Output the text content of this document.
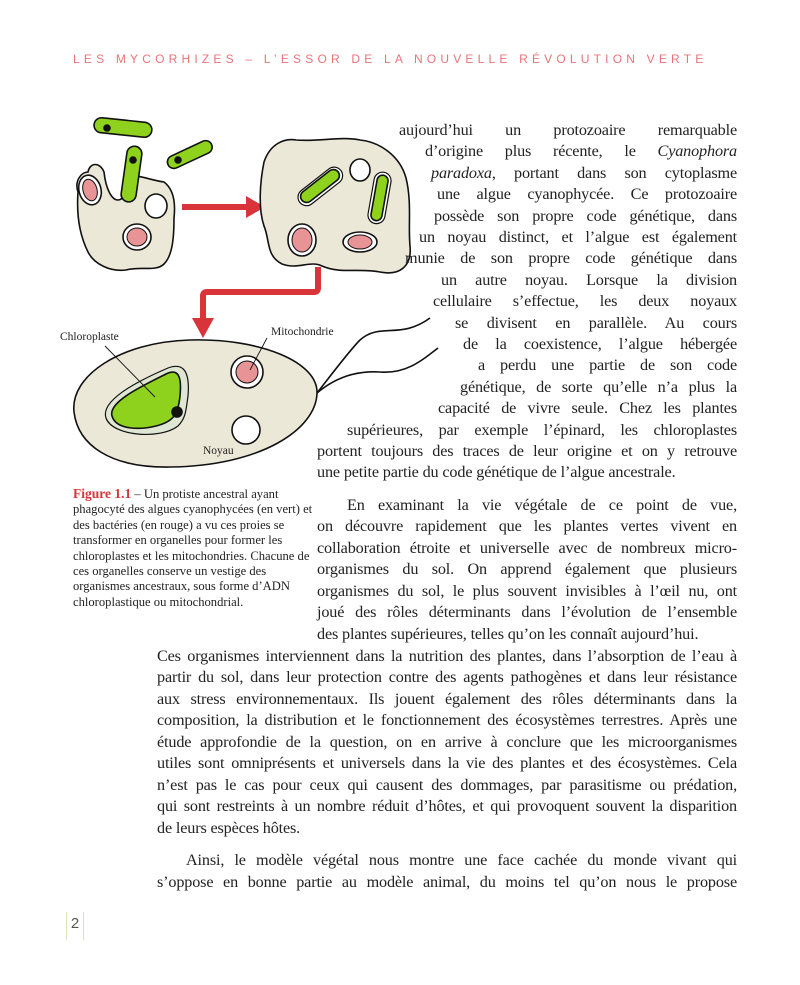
LES MYCORHIZES – L’ESSOR DE LA NOUVELLE RÉVOLUTION VERTE
Chloroplaste	Mitochondrie
Noyau
Figure 1.1 – Un protiste ancestral ayant phagocyté des algues cyanophycées (en vert) et des bactéries (en rouge) a vu ces proies se transformer en organelles pour former les chloroplastes et les mitochondries. Chacune de ces organelles conserve un vestige des organismes ancestraux, sous forme d’ADN chloroplastique ou mitochondrial.
aujourd’hui un protozoaire remarquable
d’origine plus récente, le Cyanophora
paradoxa, portant dans son cytoplasme
une algue cyanophycée. Ce protozoaire
possède son propre code génétique, dans
un noyau distinct, et l’algue est également
munie de son propre code génétique dans
un autre noyau. Lorsque la division
cellulaire s’effectue, les deux noyaux
se divisent en parallèle. Au cours
de la coexistence, l’algue hébergée
a perdu une partie de son code
génétique, de sorte qu’elle n’a plus la
capacité de vivre seule. Chez les plantes
supérieures, par exemple l’épinard, les chloroplastes
portent toujours des traces de leur origine et on y retrouve
une petite partie du code génétique de l’algue ancestrale.
En examinant la vie végétale de ce point de vue,
on découvre rapidement que les plantes vertes vivent en
collaboration étroite et universelle avec de nombreux micro-
organismes du sol. On apprend également que plusieurs
organismes du sol, le plus souvent invisibles à l’œil nu, ont
joué des rôles déterminants dans l’évolution de l’ensemble
des plantes supérieures, telles qu’on les connaît aujourd’hui.
Ces organismes interviennent dans la nutrition des plantes, dans l’absorption de l’eau à
partir du sol, dans leur protection contre des agents pathogènes et dans leur résistance
aux stress environnementaux. Ils jouent également des rôles déterminants dans la
composition, la distribution et le fonctionnement des écosystèmes terrestres. Après une
étude approfondie de la question, on en arrive à conclure que les microorganismes
utiles sont omniprésents et universels dans la vie des plantes et des écosystèmes. Cela
n’est pas le cas pour ceux qui causent des dommages, par parasitisme ou prédation,
qui sont restreints à un nombre réduit d’hôtes, et qui provoquent souvent la disparition
de leurs espèces hôtes.
Ainsi, le modèle végétal nous montre une face cachée du monde vivant qui
s’oppose en bonne partie au modèle animal, du moins tel qu’on nous le propose
2
